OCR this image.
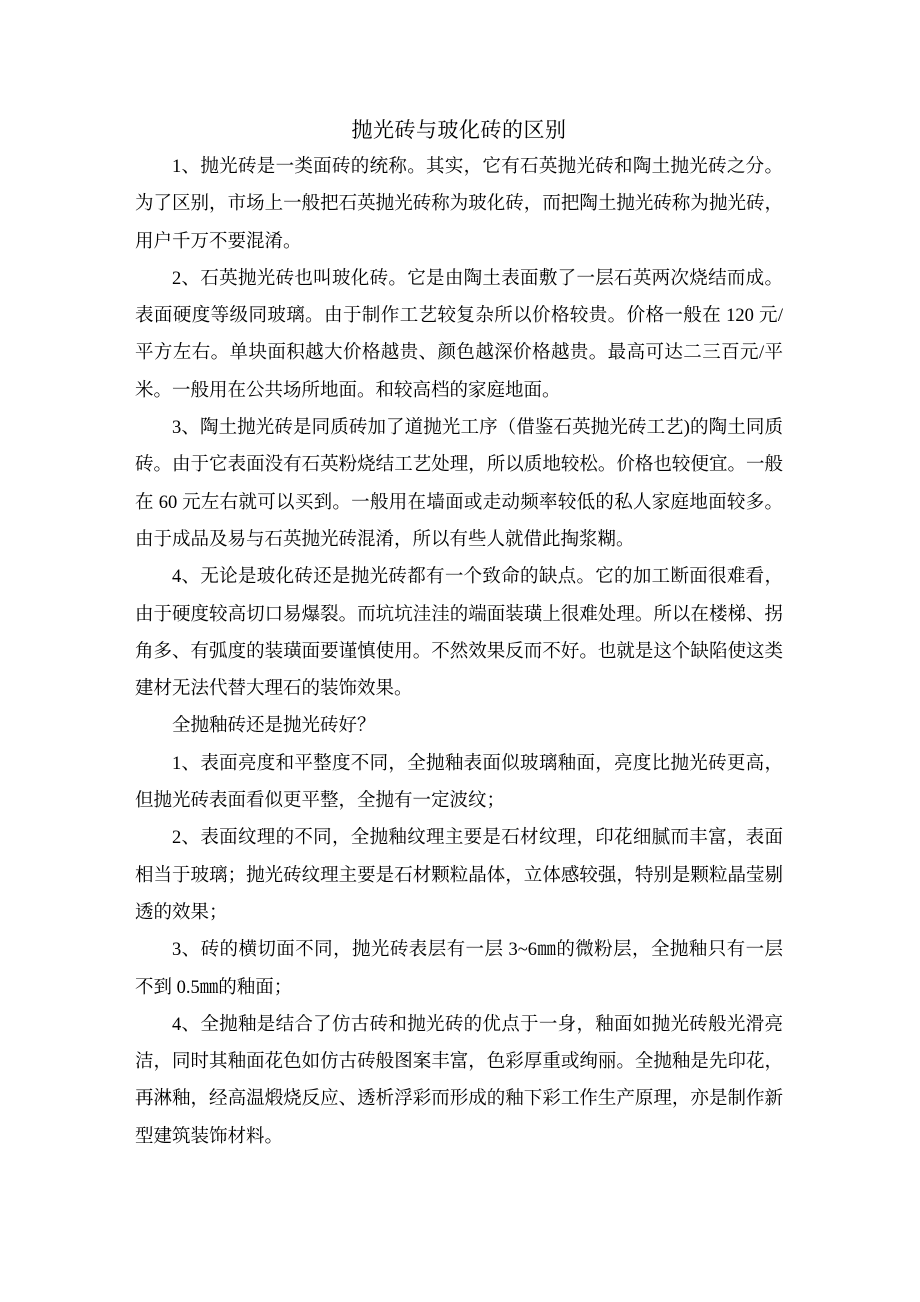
抛光砖与玻化砖的区别

1、抛光砖是一类面砖的统称。其实，它有石英抛光砖和陶土抛光砖之分。为了区别，市场上一般把石英抛光砖称为玻化砖，而把陶土抛光砖称为抛光砖，用户千万不要混淆。

2、石英抛光砖也叫玻化砖。它是由陶土表面敷了一层石英两次烧结而成。表面硬度等级同玻璃。由于制作工艺较复杂所以价格较贵。价格一般在 120 元/平方左右。单块面积越大价格越贵、颜色越深价格越贵。最高可达二三百元/平米。一般用在公共场所地面。和较高档的家庭地面。

3、陶土抛光砖是同质砖加了道抛光工序（借鉴石英抛光砖工艺)的陶土同质砖。由于它表面没有石英粉烧结工艺处理，所以质地较松。价格也较便宜。一般在 60 元左右就可以买到。一般用在墙面或走动频率较低的私人家庭地面较多。由于成品及易与石英抛光砖混淆，所以有些人就借此掏浆糊。

4、无论是玻化砖还是抛光砖都有一个致命的缺点。它的加工断面很难看，由于硬度较高切口易爆裂。而坑坑洼洼的端面装璜上很难处理。所以在楼梯、拐角多、有弧度的装璜面要谨慎使用。不然效果反而不好。也就是这个缺陷使这类建材无法代替大理石的装饰效果。

全抛釉砖还是抛光砖好？

1、表面亮度和平整度不同，全抛釉表面似玻璃釉面，亮度比抛光砖更高，但抛光砖表面看似更平整，全抛有一定波纹；

2、表面纹理的不同，全抛釉纹理主要是石材纹理，印花细腻而丰富，表面相当于玻璃；抛光砖纹理主要是石材颗粒晶体，立体感较强，特别是颗粒晶莹剔透的效果；

3、砖的横切面不同，抛光砖表层有一层 3~6㎜的微粉层，全抛釉只有一层不到 0.5㎜的釉面；

4、全抛釉是结合了仿古砖和抛光砖的优点于一身，釉面如抛光砖般光滑亮洁，同时其釉面花色如仿古砖般图案丰富，色彩厚重或绚丽。全抛釉是先印花，再淋釉，经高温煅烧反应、透析浮彩而形成的釉下彩工作生产原理，亦是制作新型建筑装饰材料。
